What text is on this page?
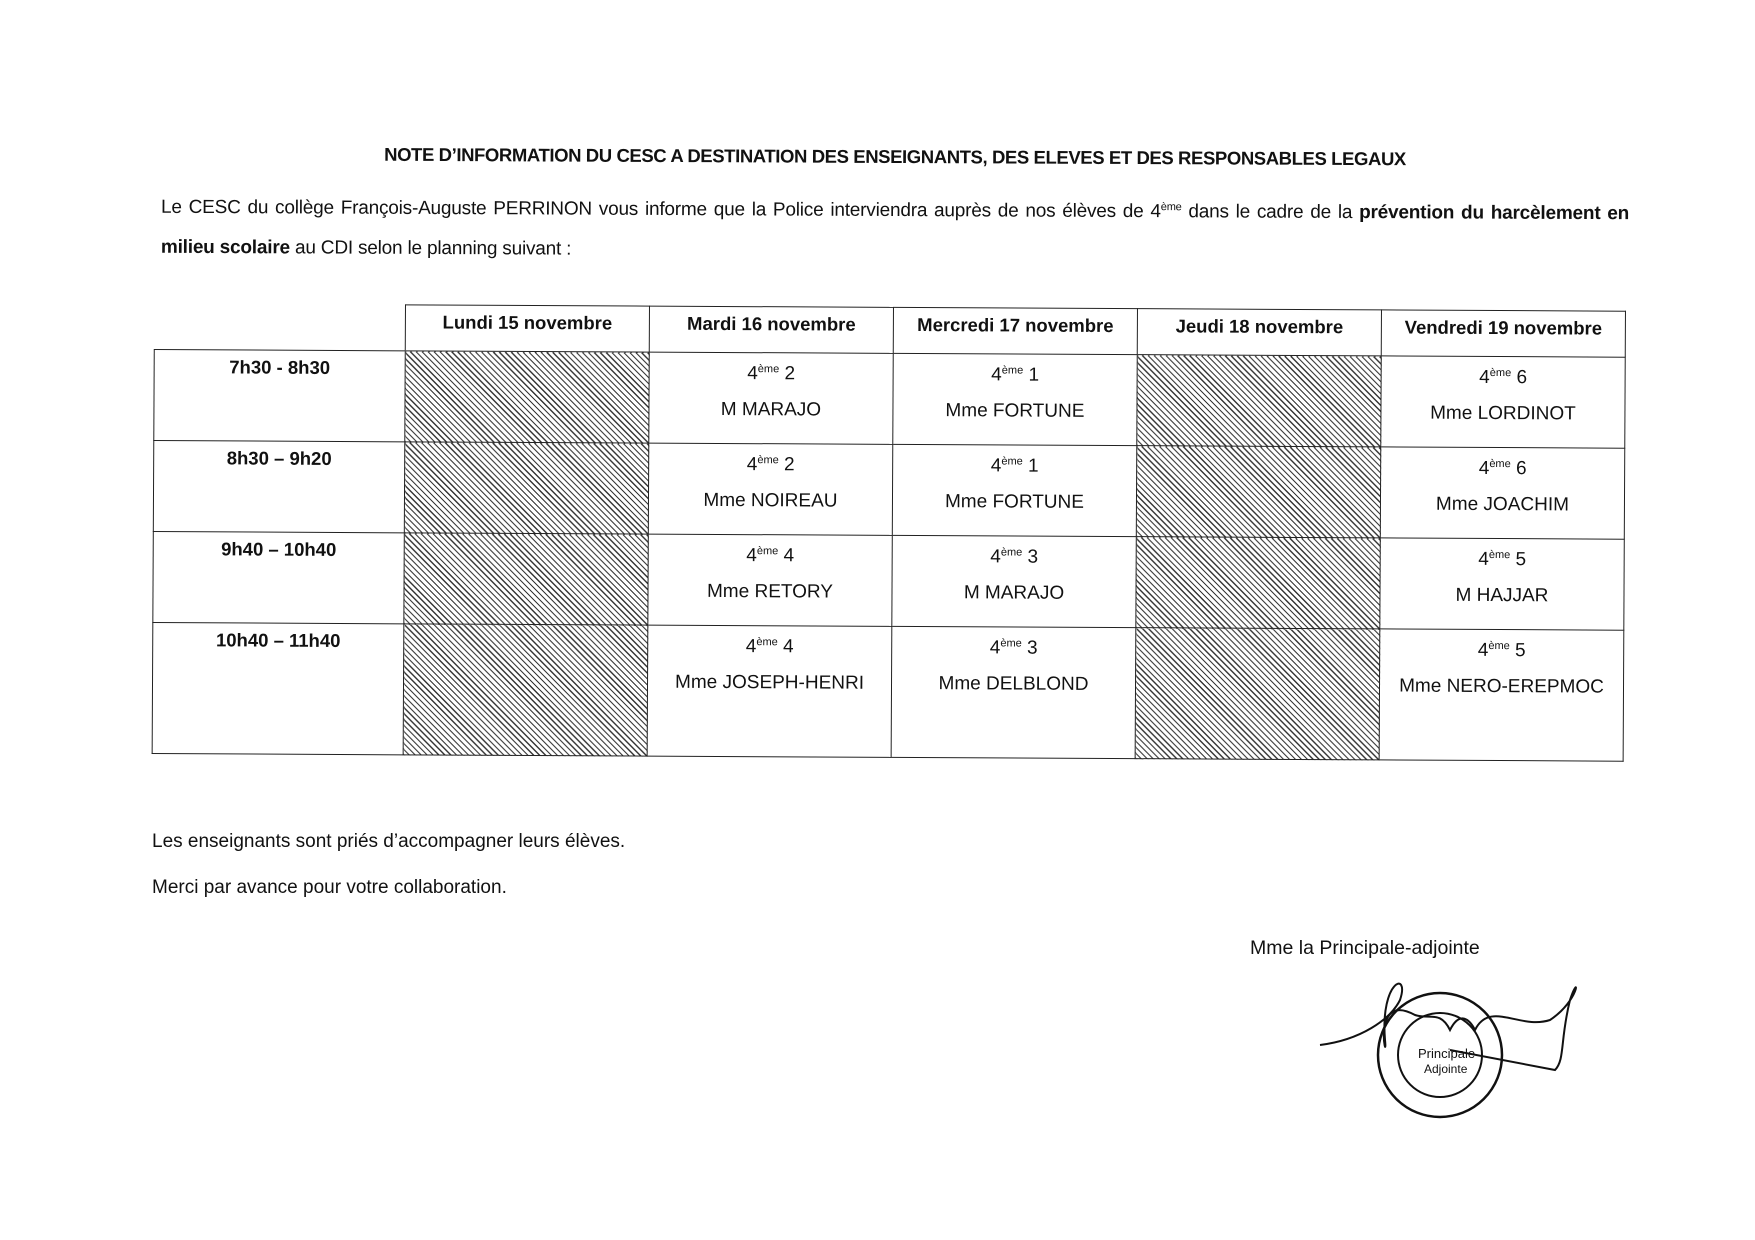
NOTE D’INFORMATION DU CESC A DESTINATION DES ENSEIGNANTS, DES ELEVES ET DES RESPONSABLES LEGAUX
Le CESC du collège François-Auguste PERRINON vous informe que la Police interviendra auprès de nos élèves de 4ème dans le cadre de la prévention du harcèlement en milieu scolaire au CDI selon le planning suivant :
	Lundi 15 novembre	Mardi 16 novembre	Mercredi 17 novembre	Jeudi 18 novembre	Vendredi 19 novembre
7h30 - 8h30		4ème 2
M MARAJO	4ème 1
Mme FORTUNE		4ème 6
Mme LORDINOT

8h30 – 9h20		4ème 2
Mme NOIREAU	4ème 1
Mme FORTUNE		4ème 6
Mme JOACHIM

9h40 – 10h40		4ème 4
Mme RETORY	4ème 3
M MARAJO		4ème 5
M HAJJAR

10h40 – 11h40		4ème 4
Mme JOSEPH-HENRI	4ème 3
Mme DELBLOND		4ème 5
Mme NERO-EREPMOC
Les enseignants sont priés d’accompagner leurs élèves.
Merci par avance pour votre collaboration.
Mme la Principale-adjointe
Principale
Adjointe
